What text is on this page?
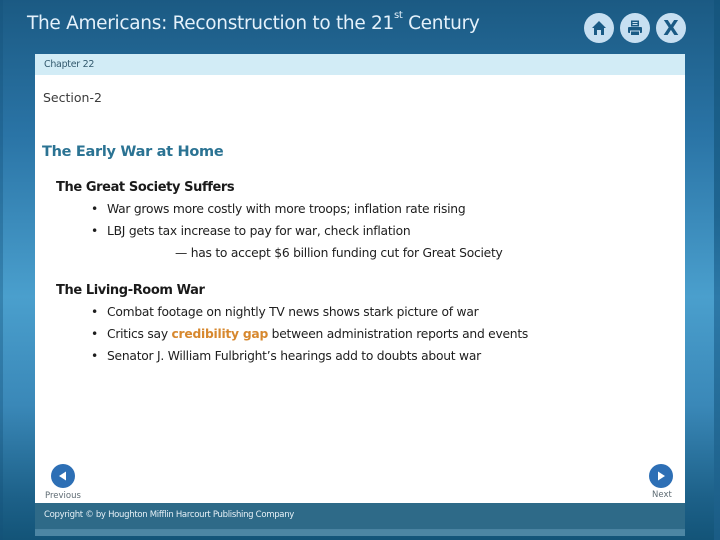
The Americans: Reconstruction to the 21st Century	X
Chapter 22
Section-2
The Early War at Home
The Great Society Suffers
• War grows more costly with more troops; inflation rate rising
• LBJ gets tax increase to pay for war, check inflation
— has to accept $6 billion funding cut for Great Society
The Living-Room War
• Combat footage on nightly TV news shows stark picture of war
• Critics say credibility gap between administration reports and events
• Senator J. William Fulbright’s hearings add to doubts about war
Previous	Next
Copyright © by Houghton Mifflin Harcourt Publishing Company
